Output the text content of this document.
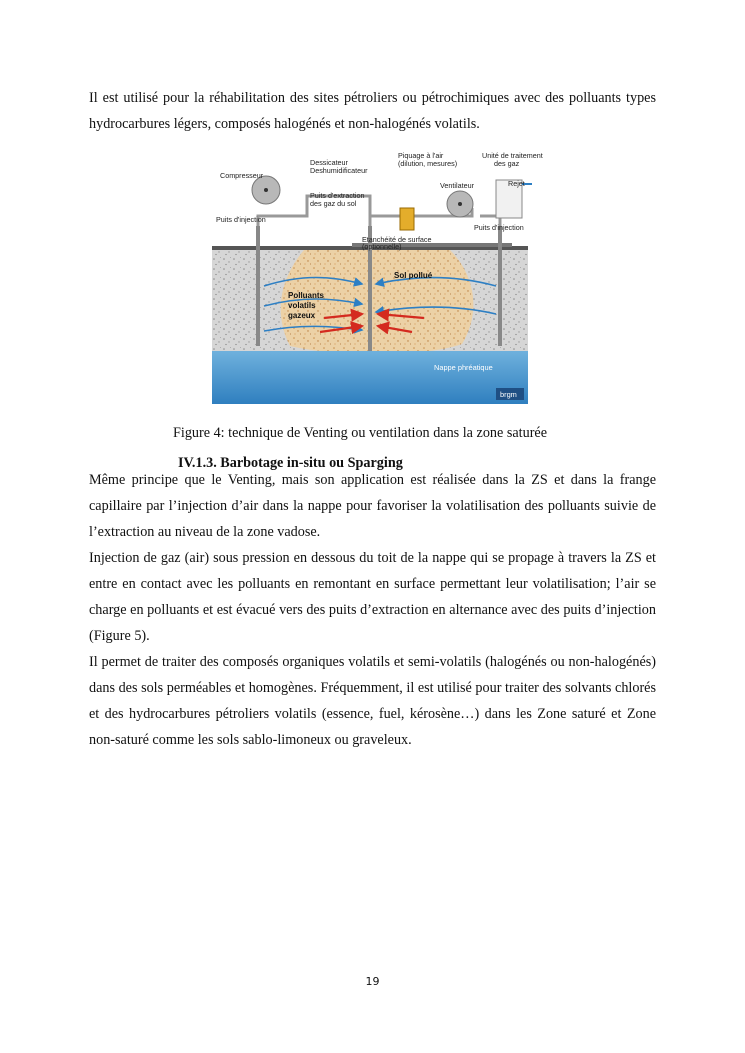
Il est utilisé pour la réhabilitation des sites pétroliers ou pétrochimiques avec des polluants types hydrocarbures légers, composés halogénés et non-halogénés volatils.

Compresseur
Dessicateur
Deshumidificateur
Piquage à l'air
(dilution, mesures)
Unité de traitement
des gaz
Puits d'extraction
des gaz du sol
Ventilateur	Rejet
Puits d'injection
Puits d'injection
Etanchéité de surface
(optionnelle)
Sol pollué
Polluants
volatils
gazeux
Nappe phréatique
brgm
Figure 4: technique de Venting ou ventilation dans la zone saturée
IV.1.3. Barbotage in-situ ou Sparging

Même principe que le Venting, mais son application est réalisée dans la ZS et dans la frange capillaire par l’injection d’air dans la nappe pour favoriser la volatilisation des polluants suivie de l’extraction au niveau de la zone vadose.

Injection de gaz (air) sous pression en dessous du toit de la nappe qui se propage à travers la ZS et entre en contact avec les polluants en remontant en surface permettant leur volatilisation; l’air se charge en polluants et est évacué vers des puits d’extraction en alternance avec des puits d’injection (Figure 5).

Il permet de traiter des composés organiques volatils et semi-volatils (halogénés ou non-halogénés) dans des sols perméables et homogènes. Fréquemment, il est utilisé pour traiter des solvants chlorés et des hydrocarbures pétroliers volatils (essence, fuel, kérosène…) dans les Zone saturé et Zone non-saturé comme les sols sablo-limoneux ou graveleux.

19
